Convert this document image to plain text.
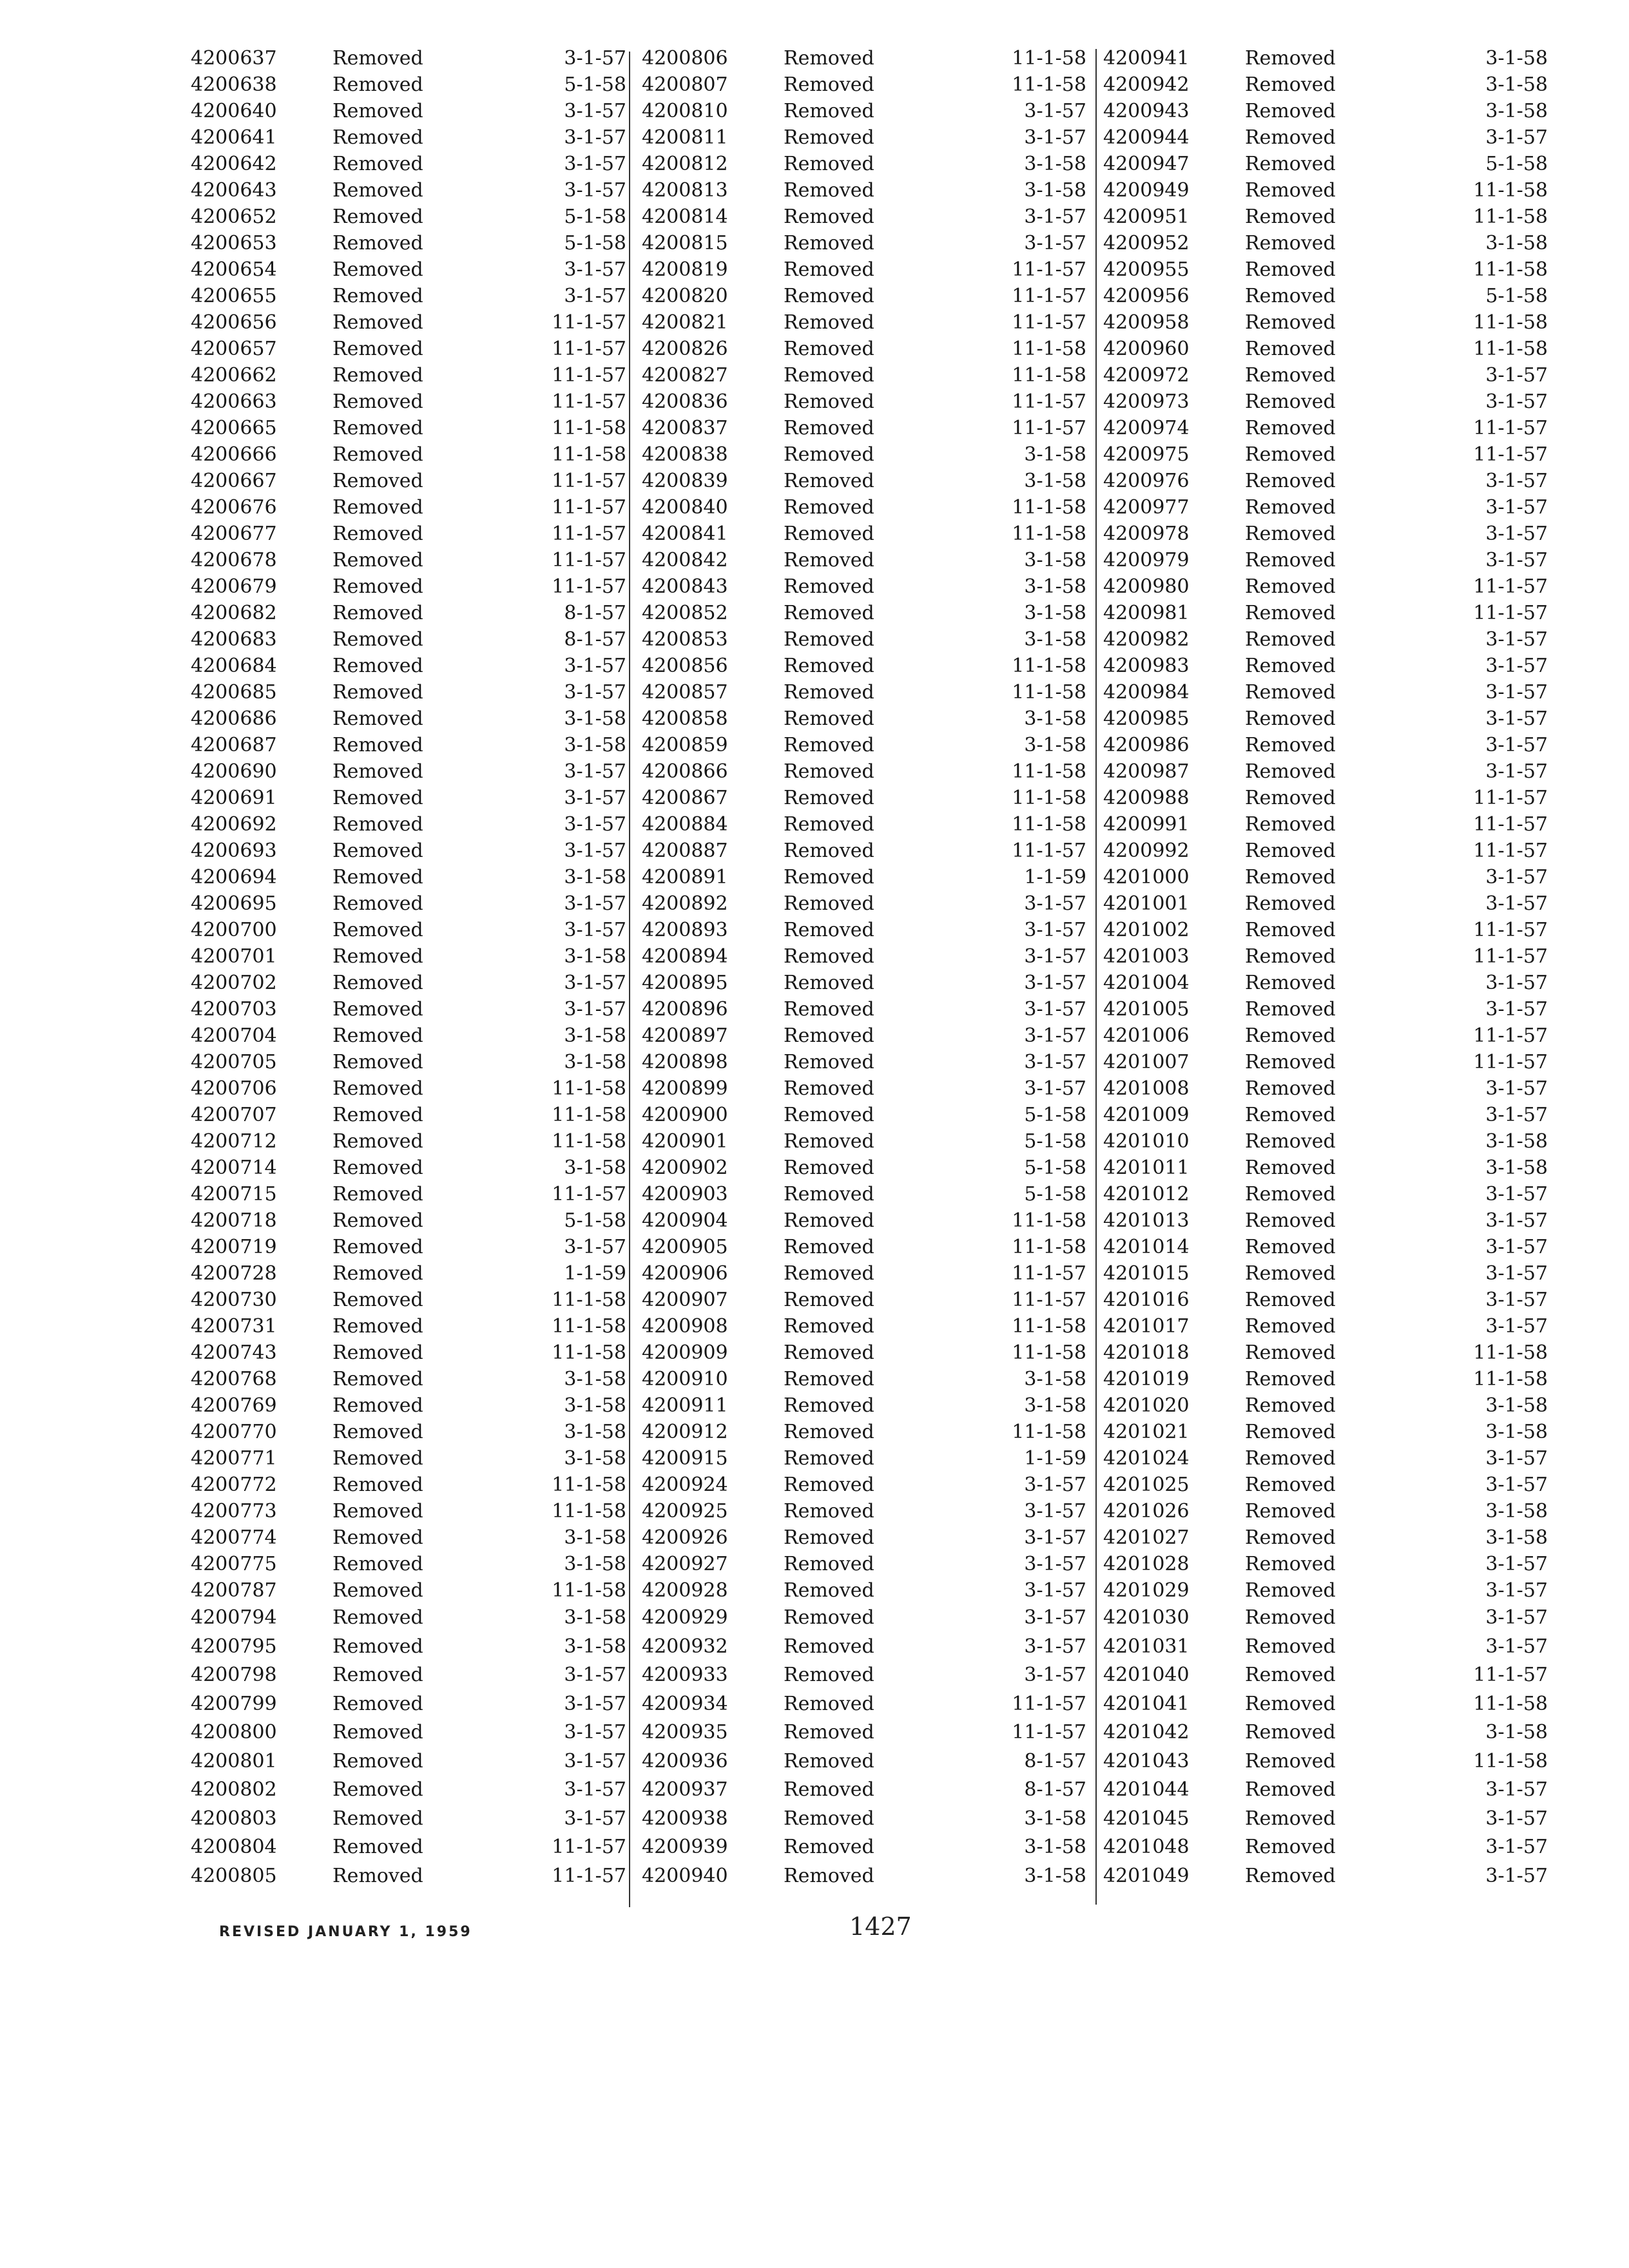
4200637	Removed	3-1-57
4200638	Removed	5-1-58
4200640	Removed	3-1-57
4200641	Removed	3-1-57
4200642	Removed	3-1-57
4200643	Removed	3-1-57
4200652	Removed	5-1-58
4200653	Removed	5-1-58
4200654	Removed	3-1-57
4200655	Removed	3-1-57
4200656	Removed	11-1-57
4200657	Removed	11-1-57
4200662	Removed	11-1-57
4200663	Removed	11-1-57
4200665	Removed	11-1-58
4200666	Removed	11-1-58
4200667	Removed	11-1-57
4200676	Removed	11-1-57
4200677	Removed	11-1-57
4200678	Removed	11-1-57
4200679	Removed	11-1-57
4200682	Removed	8-1-57
4200683	Removed	8-1-57
4200684	Removed	3-1-57
4200685	Removed	3-1-57
4200686	Removed	3-1-58
4200687	Removed	3-1-58
4200690	Removed	3-1-57
4200691	Removed	3-1-57
4200692	Removed	3-1-57
4200693	Removed	3-1-57
4200694	Removed	3-1-58
4200695	Removed	3-1-57
4200700	Removed	3-1-57
4200701	Removed	3-1-58
4200702	Removed	3-1-57
4200703	Removed	3-1-57
4200704	Removed	3-1-58
4200705	Removed	3-1-58
4200706	Removed	11-1-58
4200707	Removed	11-1-58
4200712	Removed	11-1-58
4200714	Removed	3-1-58
4200715	Removed	11-1-57
4200718	Removed	5-1-58
4200719	Removed	3-1-57
4200728	Removed	1-1-59
4200730	Removed	11-1-58
4200731	Removed	11-1-58
4200743	Removed	11-1-58
4200768	Removed	3-1-58
4200769	Removed	3-1-58
4200770	Removed	3-1-58
4200771	Removed	3-1-58
4200772	Removed	11-1-58
4200773	Removed	11-1-58
4200774	Removed	3-1-58
4200775	Removed	3-1-58
4200787	Removed	11-1-58
4200794	Removed	3-1-58
4200795	Removed	3-1-58
4200798	Removed	3-1-57
4200799	Removed	3-1-57
4200800	Removed	3-1-57
4200801	Removed	3-1-57
4200802	Removed	3-1-57
4200803	Removed	3-1-57
4200804	Removed	11-1-57
4200805	Removed	11-1-57
4200806	Removed	11-1-58
4200807	Removed	11-1-58
4200810	Removed	3-1-57
4200811	Removed	3-1-57
4200812	Removed	3-1-58
4200813	Removed	3-1-58
4200814	Removed	3-1-57
4200815	Removed	3-1-57
4200819	Removed	11-1-57
4200820	Removed	11-1-57
4200821	Removed	11-1-57
4200826	Removed	11-1-58
4200827	Removed	11-1-58
4200836	Removed	11-1-57
4200837	Removed	11-1-57
4200838	Removed	3-1-58
4200839	Removed	3-1-58
4200840	Removed	11-1-58
4200841	Removed	11-1-58
4200842	Removed	3-1-58
4200843	Removed	3-1-58
4200852	Removed	3-1-58
4200853	Removed	3-1-58
4200856	Removed	11-1-58
4200857	Removed	11-1-58
4200858	Removed	3-1-58
4200859	Removed	3-1-58
4200866	Removed	11-1-58
4200867	Removed	11-1-58
4200884	Removed	11-1-58
4200887	Removed	11-1-57
4200891	Removed	1-1-59
4200892	Removed	3-1-57
4200893	Removed	3-1-57
4200894	Removed	3-1-57
4200895	Removed	3-1-57
4200896	Removed	3-1-57
4200897	Removed	3-1-57
4200898	Removed	3-1-57
4200899	Removed	3-1-57
4200900	Removed	5-1-58
4200901	Removed	5-1-58
4200902	Removed	5-1-58
4200903	Removed	5-1-58
4200904	Removed	11-1-58
4200905	Removed	11-1-58
4200906	Removed	11-1-57
4200907	Removed	11-1-57
4200908	Removed	11-1-58
4200909	Removed	11-1-58
4200910	Removed	3-1-58
4200911	Removed	3-1-58
4200912	Removed	11-1-58
4200915	Removed	1-1-59
4200924	Removed	3-1-57
4200925	Removed	3-1-57
4200926	Removed	3-1-57
4200927	Removed	3-1-57
4200928	Removed	3-1-57
4200929	Removed	3-1-57
4200932	Removed	3-1-57
4200933	Removed	3-1-57
4200934	Removed	11-1-57
4200935	Removed	11-1-57
4200936	Removed	8-1-57
4200937	Removed	8-1-57
4200938	Removed	3-1-58
4200939	Removed	3-1-58
4200940	Removed	3-1-58
4200941	Removed	3-1-58
4200942	Removed	3-1-58
4200943	Removed	3-1-58
4200944	Removed	3-1-57
4200947	Removed	5-1-58
4200949	Removed	11-1-58
4200951	Removed	11-1-58
4200952	Removed	3-1-58
4200955	Removed	11-1-58
4200956	Removed	5-1-58
4200958	Removed	11-1-58
4200960	Removed	11-1-58
4200972	Removed	3-1-57
4200973	Removed	3-1-57
4200974	Removed	11-1-57
4200975	Removed	11-1-57
4200976	Removed	3-1-57
4200977	Removed	3-1-57
4200978	Removed	3-1-57
4200979	Removed	3-1-57
4200980	Removed	11-1-57
4200981	Removed	11-1-57
4200982	Removed	3-1-57
4200983	Removed	3-1-57
4200984	Removed	3-1-57
4200985	Removed	3-1-57
4200986	Removed	3-1-57
4200987	Removed	3-1-57
4200988	Removed	11-1-57
4200991	Removed	11-1-57
4200992	Removed	11-1-57
4201000	Removed	3-1-57
4201001	Removed	3-1-57
4201002	Removed	11-1-57
4201003	Removed	11-1-57
4201004	Removed	3-1-57
4201005	Removed	3-1-57
4201006	Removed	11-1-57
4201007	Removed	11-1-57
4201008	Removed	3-1-57
4201009	Removed	3-1-57
4201010	Removed	3-1-58
4201011	Removed	3-1-58
4201012	Removed	3-1-57
4201013	Removed	3-1-57
4201014	Removed	3-1-57
4201015	Removed	3-1-57
4201016	Removed	3-1-57
4201017	Removed	3-1-57
4201018	Removed	11-1-58
4201019	Removed	11-1-58
4201020	Removed	3-1-58
4201021	Removed	3-1-58
4201024	Removed	3-1-57
4201025	Removed	3-1-57
4201026	Removed	3-1-58
4201027	Removed	3-1-58
4201028	Removed	3-1-57
4201029	Removed	3-1-57
4201030	Removed	3-1-57
4201031	Removed	3-1-57
4201040	Removed	11-1-57
4201041	Removed	11-1-58
4201042	Removed	3-1-58
4201043	Removed	11-1-58
4201044	Removed	3-1-57
4201045	Removed	3-1-57
4201048	Removed	3-1-57
4201049	Removed	3-1-57
REVISED JANUARY 1, 1959	1427
